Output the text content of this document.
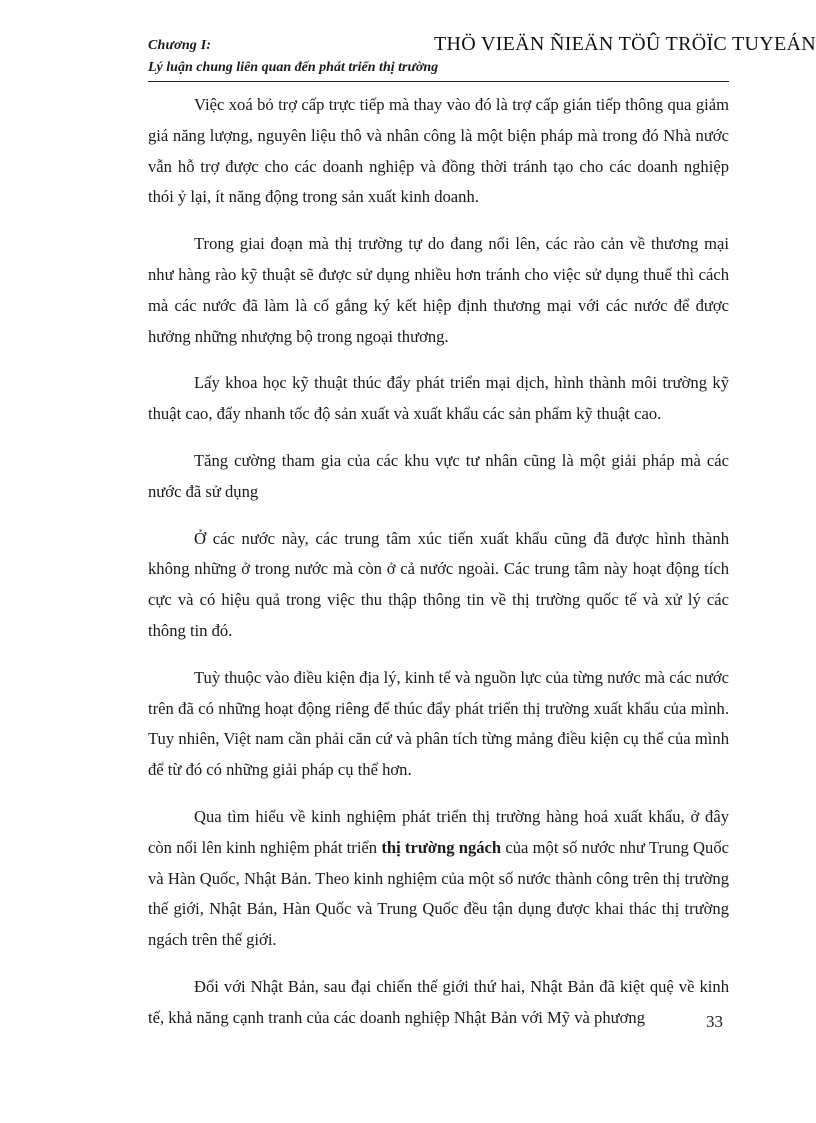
Chương I:
Lý luận chung liên quan đến phát triển thị trường
THÖ VIEÄN ÑIEÄN TÖÛ TRÖÏC TUYEÁN

Việc xoá bỏ trợ cấp trực tiếp mà thay vào đó là trợ cấp gián tiếp thông qua giảm giá năng lượng, nguyên liệu thô và nhân công là một biện pháp mà trong đó Nhà nước vẫn hỗ trợ được cho các doanh nghiệp và đồng thời tránh tạo cho các doanh nghiệp thói ỷ lại, ít năng động trong sản xuất kinh doanh.

Trong giai đoạn mà thị trường tự do đang nổi lên, các rào cản về thương mại như hàng rào kỹ thuật sẽ được sử dụng nhiều hơn tránh cho việc sử dụng thuế thì cách mà các nước đã làm là cố gắng ký kết hiệp định thương mại với các nước để được hưởng những nhượng bộ trong ngoại thương.

Lấy khoa học kỹ thuật thúc đẩy phát triển mại dịch, hình thành môi trường kỹ thuật cao, đẩy nhanh tốc độ sản xuất và xuất khẩu các sản phẩm kỹ thuật cao.

Tăng cường tham gia của các khu vực tư nhân cũng là một giải pháp mà các nước đã sử dụng

Ở các nước này, các trung tâm xúc tiến xuất khẩu cũng đã được hình thành không những ở trong nước mà còn ở cả nước ngoài. Các trung tâm này hoạt động tích cực và có hiệu quả trong việc thu thập thông tin về thị trường quốc tế và xử lý các thông tin đó.

Tuỳ thuộc vào điều kiện địa lý, kinh tế và nguồn lực của từng nước mà các nước trên đã có những hoạt động riêng để thúc đẩy phát triển thị trường xuất khẩu của mình. Tuy nhiên, Việt nam cần phải căn cứ và phân tích từng mảng điều kiện cụ thể của mình để từ đó có những giải pháp cụ thể hơn.

Qua tìm hiểu về kinh nghiệm phát triển thị trường hàng hoá xuất khẩu, ở đây còn nổi lên kinh nghiệm phát triển thị trường ngách của một số nước như Trung Quốc và Hàn Quốc, Nhật Bản. Theo kinh nghiệm của một số nước thành công trên thị trường thế giới, Nhật Bản, Hàn Quốc và Trung Quốc đều tận dụng được khai thác thị trường ngách trên thế giới.

Đối với Nhật Bản, sau đại chiến thế giới thứ hai, Nhật Bản đã kiệt quệ về kinh tế, khả năng cạnh tranh của các doanh nghiệp Nhật Bản với Mỹ và phương	33
